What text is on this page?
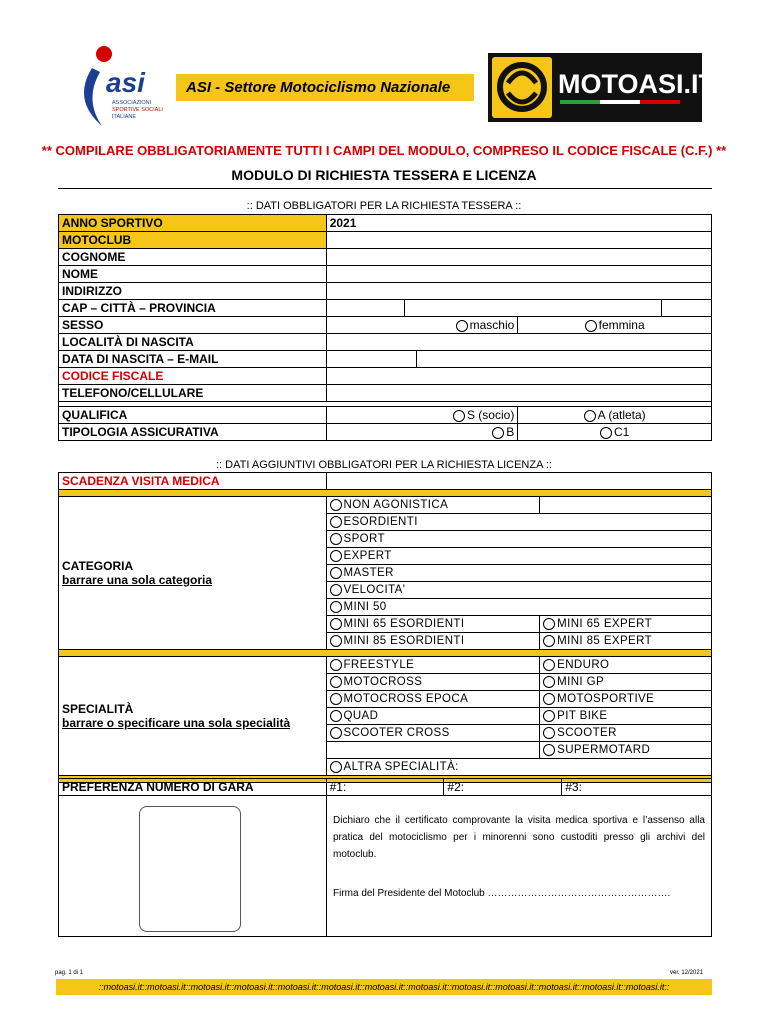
asi
ASSOCIAZIONI
SPORTIVE SOCIALI
ITALIANE
ASI - Settore Motociclismo Nazionale	MOTOASI.IT
** COMPILARE OBBLIGATORIAMENTE TUTTI I CAMPI DEL MODULO, COMPRESO IL CODICE FISCALE (C.F.) **
MODULO DI RICHIESTA TESSERA E LICENZA
:: DATI OBBLIGATORI PER LA RICHIESTA TESSERA ::
ANNO SPORTIVO	2021				
MOTOCLUB					
COGNOME					
NOME					
INDIRIZZO					
CAP – CITTÀ – PROVINCIA					
SESSO	maschio			femmina	
LOCALITÀ DI NASCITA					
DATA DI NASCITA – E-MAIL					
CODICE FISCALE					
TELEFONO/CELLULARE					

QUALIFICA	S (socio)			A (atleta)	
TIPOLOGIA ASSICURATIVA	B			C1	
:: DATI AGGIUNTIVI OBBLIGATORI PER LA RICHIESTA LICENZA ::
SCADENZA VISITA MEDICA		

CATEGORIA
barrare una sola categoria	NON AGONISTICA	
	ESORDIENTI	
	SPORT	
	EXPERT	
	MASTER	
	VELOCITA'	
	MINI 50	
	MINI 65 ESORDIENTI	MINI 65 EXPERT
	MINI 85 ESORDIENTI	MINI 85 EXPERT

SPECIALITÀ
barrare o specificare una sola specialità	FREESTYLE	ENDURO
	MOTOCROSS	MINI GP
	MOTOCROSS EPOCA	MOTOSPORTIVE
	QUAD	PIT BIKE
	SCOOTER CROSS	SCOOTER
		SUPERMOTARD
	ALTRA SPECIALITÀ:	

PREFERENZA NUMERO DI GARA	#1:	#2:	#3:

Dichiaro che il certificato comprovante la visita medica sportiva e l’assenso alla pratica del motociclismo per i minorenni sono custoditi presso gli archivi del motoclub.
Firma del Presidente del Motoclub ……………………………………………….
pag. 1 di 1	ver. 12/2021
::motoasi.it::motoasi.it::motoasi.it::motoasi.it::motoasi.it::motoasi.it::motoasi.it::motoasi.it::motoasi.it::motoasi.it::motoasi.it::motoasi.it::motoasi.it::
